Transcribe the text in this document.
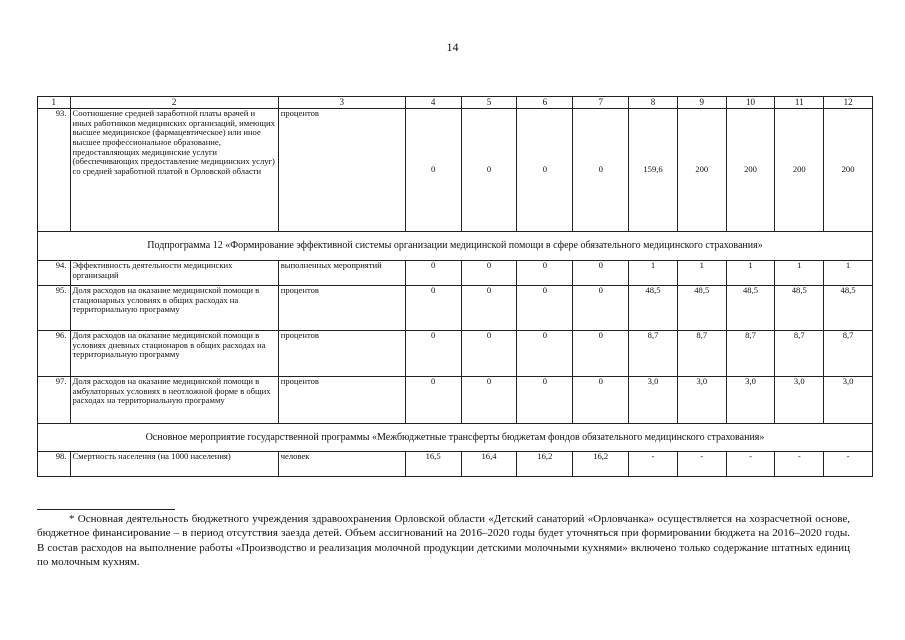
14
1	2	3	4	5	6	7	8	9	10	11	12
93.	Соотношение средней заработной платы врачей и иных работников медицинских организаций, имеющих высшее медицинское (фармацевтическое) или иное высшее профессиональное образование, предоставляющих медицинские услуги (обеспечивающих предоставление медицинских услуг) со средней заработной платой в Орловской области	процентов	0	0	0	0	159,6	200	200	200	200
Подпрограмма 12 «Формирование эффективной системы организации медицинской помощи в сфере обязательного медицинского страхования»											
94.	Эффективность деятельности медицинских организаций	выполненных мероприятий	0	0	0	0	1	1	1	1	1
95.	Доля расходов на оказание медицинской помощи в стационарных условиях в общих расходах на территориальную программу	процентов	0	0	0	0	48,5	48,5	48,5	48,5	48,5
96.	Доля расходов на оказание медицинской помощи в условиях дневных стационаров в общих расходах на территориальную программу	процентов	0	0	0	0	8,7	8,7	8,7	8,7	8,7
97.	Доля расходов на оказание медицинской помощи в амбулаторных условиях в неотложной форме в общих расходах на территориальную программу	процентов	0	0	0	0	3,0	3,0	3,0	3,0	3,0
Основное мероприятие государственной программы «Межбюджетные трансферты бюджетам фондов обязательного медицинского страхования»											
98.	Смертность населения (на 1000 населения)	человек	16,5	16,4	16,2	16,2	-	-	-	-	-

* Основная деятельность бюджетного учреждения здравоохранения Орловской области «Детский санаторий «Орловчанка» осуществляется на хозрасчетной основе, бюджетное финансирование – в период отсутствия заезда детей. Объем ассигнований на 2016–2020 годы будет уточняться при формировании бюджета на 2016–2020 годы. В состав расходов на выполнение работы «Производство и реализация молочной продукции детскими молочными кухнями» включено только содержание штатных единиц по молочным кухням.
